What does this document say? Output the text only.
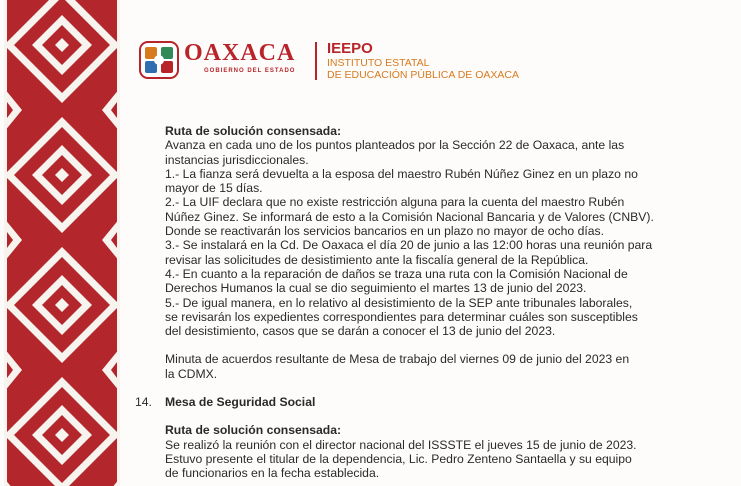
OAXACA
GOBIERNO DEL ESTADO
IEEPO
INSTITUTO ESTATAL
DE EDUCACIÓN PÚBLICA DE OAXACA

Ruta de solución consensada:

Avanza en cada uno de los puntos planteados por la Sección 22 de Oaxaca, ante las

instancias jurisdiccionales.

1.- La fianza será devuelta a la esposa del maestro Rubén Núñez Ginez en un plazo no

mayor de 15 días.

2.- La UIF declara que no existe restricción alguna para la cuenta del maestro Rubén

Núñez Ginez. Se informará de esto a la Comisión Nacional Bancaria y de Valores (CNBV).

Donde se reactivarán los servicios bancarios en un plazo no mayor de ocho días.

3.- Se instalará en la Cd. De Oaxaca el día 20 de junio a las 12:00 horas una reunión para

revisar las solicitudes de desistimiento ante la fiscalía general de la República.

4.- En cuanto a la reparación de daños se traza una ruta con la Comisión Nacional de

Derechos Humanos la cual se dio seguimiento el martes 13 de junio del 2023.

5.- De igual manera, en lo relativo al desistimiento de la SEP ante tribunales laborales,

se revisarán los expedientes correspondientes para determinar cuáles son susceptibles

del desistimiento, casos que se darán a conocer el 13 de junio del 2023.

Minuta de acuerdos resultante de Mesa de trabajo del viernes 09 de junio del 2023 en

la CDMX.

14. Mesa de Seguridad Social

Ruta de solución consensada:

Se realizó la reunión con el director nacional del ISSSTE el jueves 15 de junio de 2023.

Estuvo presente el titular de la dependencia, Lic. Pedro Zenteno Santaella y su equipo

de funcionarios en la fecha establecida.
